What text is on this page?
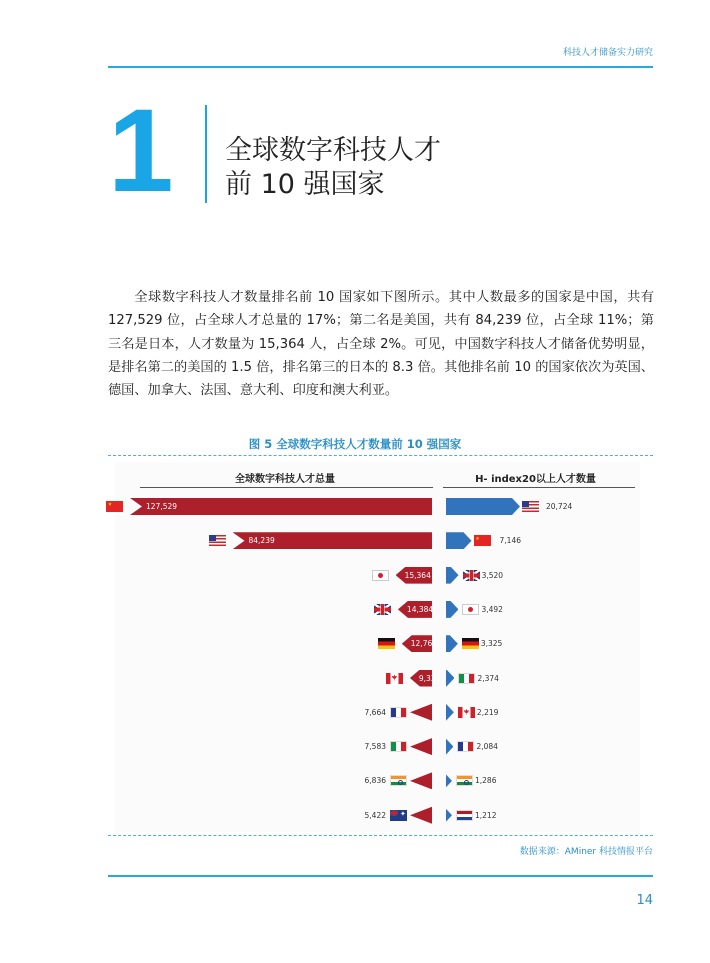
科技人才储备实力研究
1 全球数字科技人才
前 10 强国家

全球数字科技人才数量排名前 10 国家如下图所示。其中人数最多的国家是中国，共有 127,529 位，占全球人才总量的 17%；第二名是美国，共有 84,239 位，占全球 11%；第三名是日本，人才数量为 15,364 人，占全球 2%。可见，中国数字科技人才储备优势明显，是排名第二的美国的 1.5 倍，排名第三的日本的 8.3 倍。其他排名前 10 的国家依次为英国、德国、加拿大、法国、意大利、印度和澳大利亚。

图 5 全球数字科技人才数量前 10 强国家
全球数字科技人才总量	H- index20以上人才数量
127,529
84,239
15,364
14,384
12,767
9,325
7,664
7,583
6,836
✦
5,422
20,724
7,146
3,520
3,492
3,325
2,374
2,219
2,084
1,286
1,212
数据来源：AMiner 科技情报平台
14
